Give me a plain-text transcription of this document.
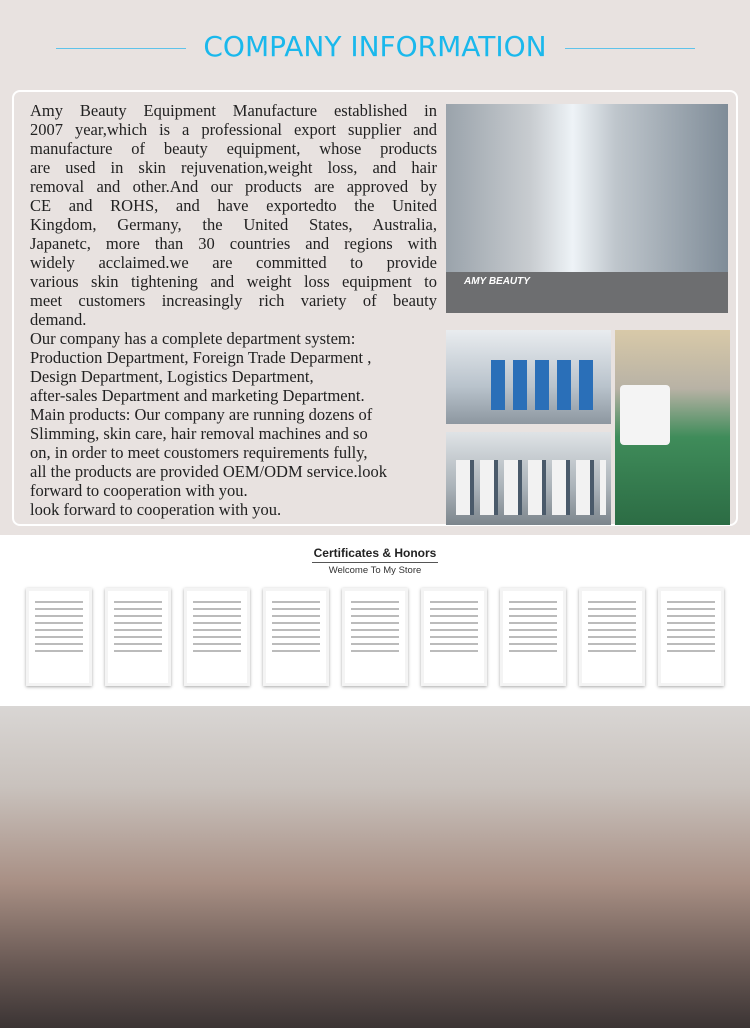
COMPANY INFORMATION
Amy Beauty Equipment Manufacture established in
2007 year,which is a professional export supplier and
manufacture of beauty equipment, whose products
are used in skin rejuvenation,weight loss, and hair
removal and other.And our products are approved by
CE and ROHS, and have exportedto the United
Kingdom, Germany, the United States, Australia,
Japanetc, more than 30 countries and regions with
widely acclaimed.we are committed to provide
various skin tightening and weight loss equipment to
meet customers increasingly rich variety of beauty
demand.
Our company has a complete department system:
Production Department, Foreign Trade Deparment ,
Design Department, Logistics Department,
after-sales Department and marketing Department.
Main products: Our company are running dozens of
Slimming, skin care, hair removal machines and so
on, in order to meet coustomers requirements fully,
all the products are provided OEM/ODM service.look
forward to cooperation with you.
look forward to cooperation with you.
AMY BEAUTY
Certificates & Honors
Welcome To My Store
